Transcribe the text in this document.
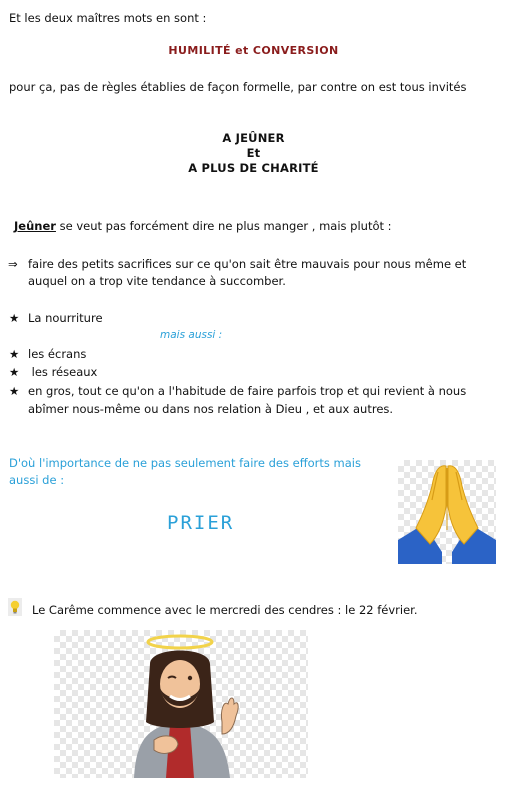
Et les deux maîtres mots en sont :
HUMILITÉ et CONVERSION
pour ça, pas de règles établies de façon formelle, par contre on est tous invités
A JEÛNER
Et
A PLUS DE CHARITÉ
Jeûner se veut pas forcément dire ne plus manger , mais plutôt :
⇒ faire des petits sacrifices sur ce qu'on sait être mauvais pour nous même et
auquel on a trop vite tendance à succomber.
★ La nourriture
mais aussi :
★ les écrans
★ les réseaux
★ en gros, tout ce qu'on a l'habitude de faire parfois trop et qui revient à nous
abîmer nous-même ou dans nos relation à Dieu , et aux autres.
D'où l'importance de ne pas seulement faire des efforts mais
aussi de :
PRIER
Le Carême commence avec le mercredi des cendres : le 22 février.
